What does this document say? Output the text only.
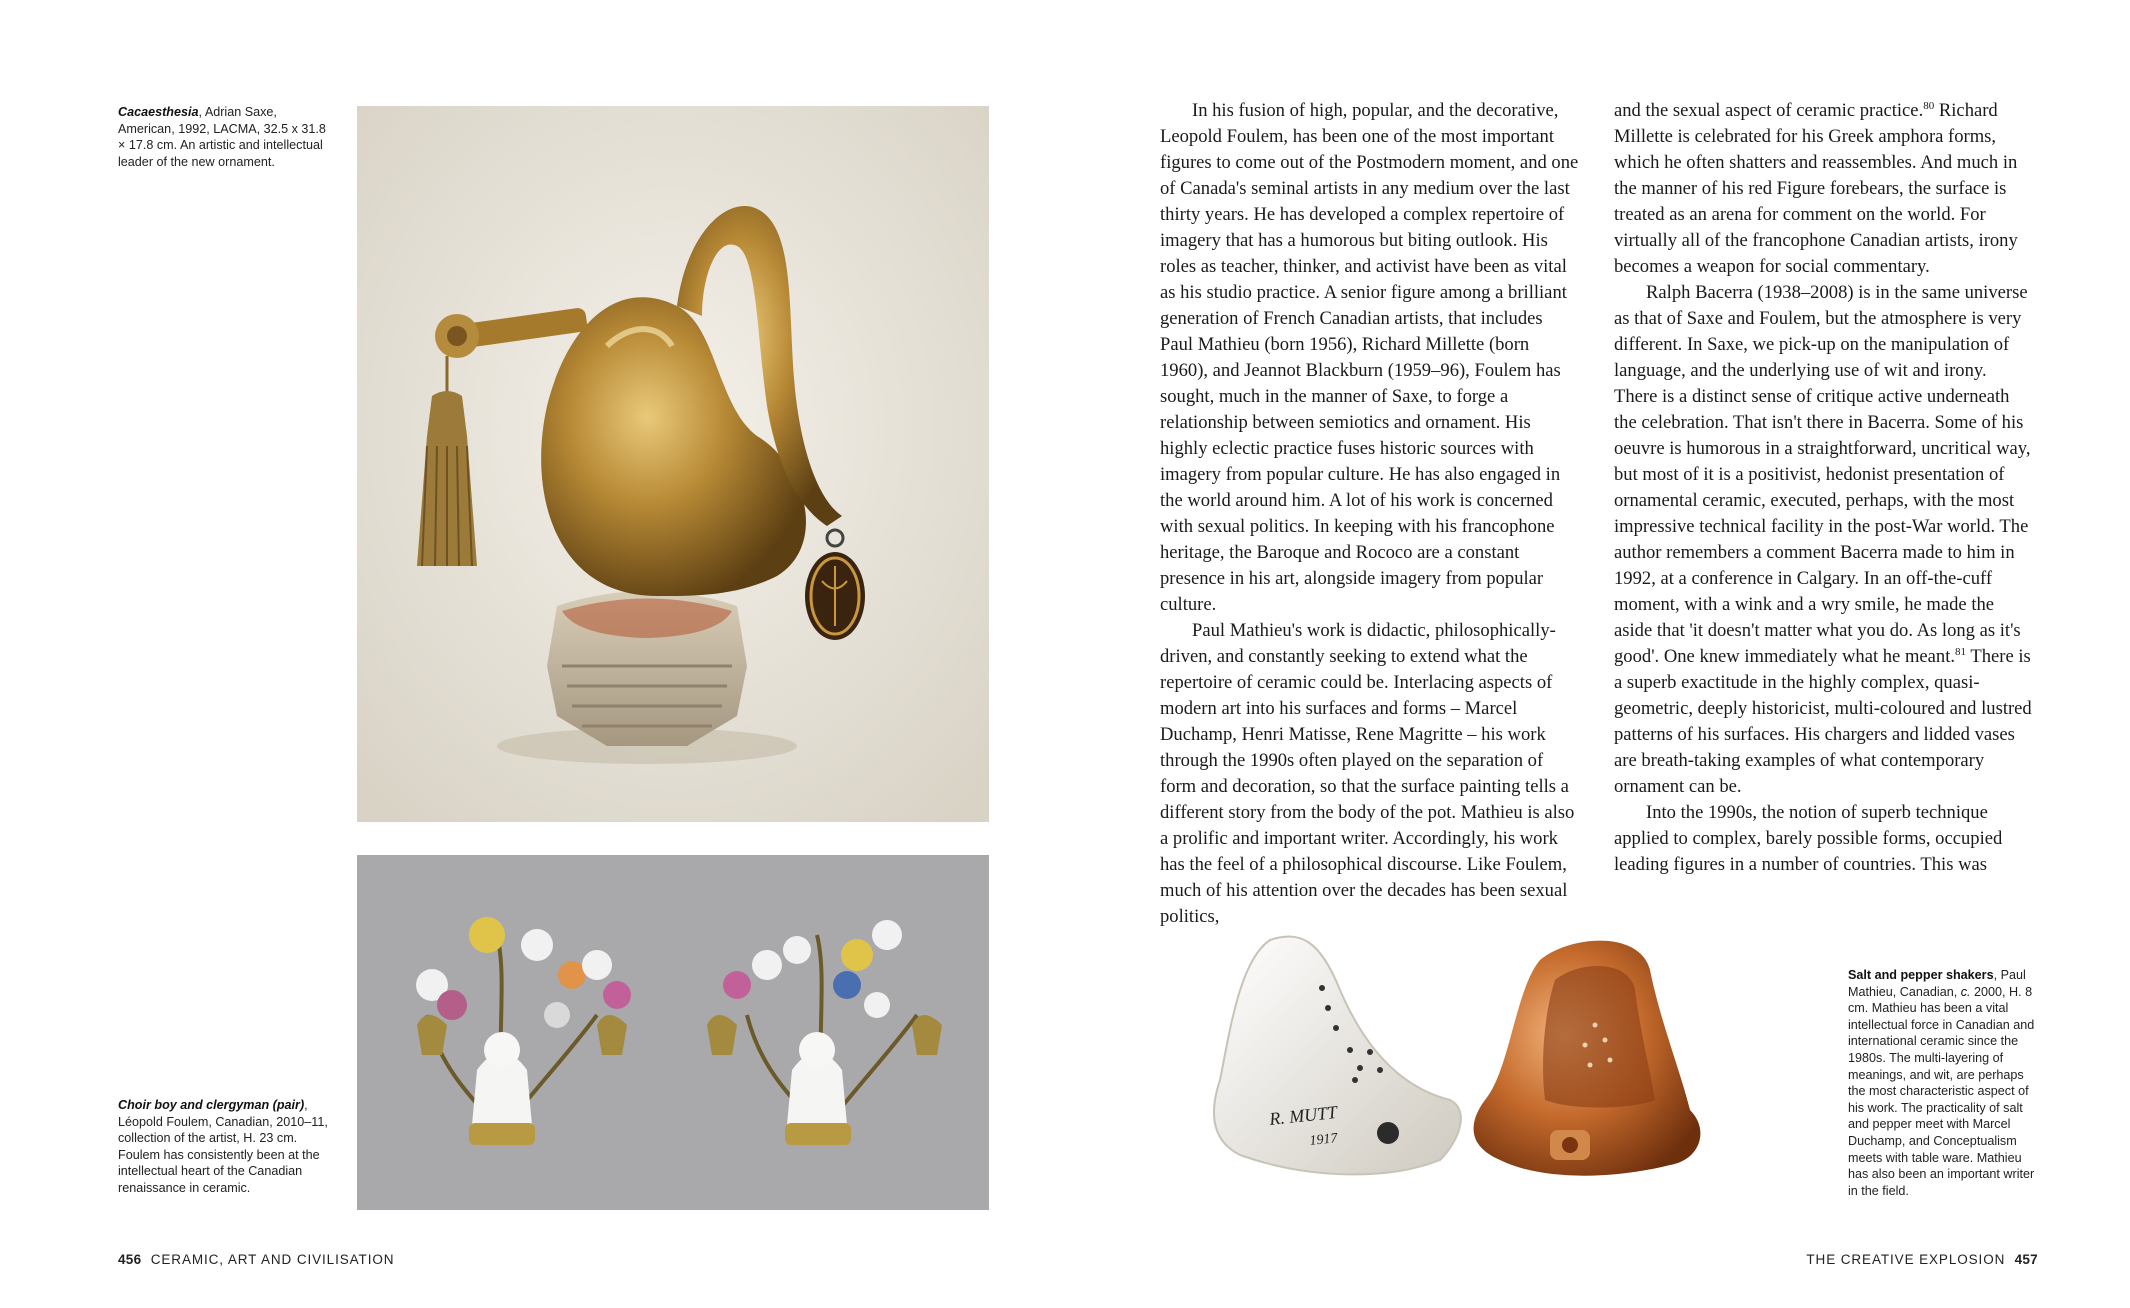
Cacaesthesia, Adrian Saxe, American, 1992, LACMA, 32.5 x 31.8 × 17.8 cm. An artistic and intellectual leader of the new ornament.
Choir boy and clergyman (pair), Léopold Foulem, Canadian, 2010–11, collection of the artist, H. 23 cm. Foulem has consistently been at the intellectual heart of the Canadian renaissance in ceramic.

In his fusion of high, popular, and the decorative, Leopold Foulem, has been one of the most important figures to come out of the Postmodern moment, and one of Canada's seminal artists in any medium over the last thirty years. He has developed a complex repertoire of imagery that has a humorous but biting outlook. His roles as teacher, thinker, and activist have been as vital as his studio practice. A senior figure among a brilliant generation of French Canadian artists, that includes Paul Mathieu (born 1956), Richard Millette (born 1960), and Jeannot Blackburn (1959–96), Foulem has sought, much in the manner of Saxe, to forge a relationship between semiotics and ornament. His highly eclectic practice fuses historic sources with imagery from popular culture. He has also engaged in the world around him. A lot of his work is concerned with sexual politics. In keeping with his francophone heritage, the Baroque and Rococo are a constant presence in his art, alongside imagery from popular culture.

Paul Mathieu's work is didactic, philosophically-driven, and constantly seeking to extend what the repertoire of ceramic could be. Interlacing aspects of modern art into his surfaces and forms – Marcel Duchamp, Henri Matisse, Rene Magritte – his work through the 1990s often played on the separation of form and decoration, so that the surface painting tells a different story from the body of the pot. Mathieu is also a prolific and important writer. Accordingly, his work has the feel of a philosophical discourse. Like Foulem, much of his attention over the decades has been sexual politics,

and the sexual aspect of ceramic practice.$^{80}$ Richard Millette is celebrated for his Greek amphora forms, which he often shatters and reassembles. And much in the manner of his red Figure forebears, the surface is treated as an arena for comment on the world. For virtually all of the francophone Canadian artists, irony becomes a weapon for social commentary.

Ralph Bacerra (1938–2008) is in the same universe as that of Saxe and Foulem, but the atmosphere is very different. In Saxe, we pick-up on the manipulation of language, and the underlying use of wit and irony. There is a distinct sense of critique active underneath the celebration. That isn't there in Bacerra. Some of his oeuvre is humorous in a straightforward, uncritical way, but most of it is a positivist, hedonist presentation of ornamental ceramic, executed, perhaps, with the most impressive technical facility in the post-War world. The author remembers a comment Bacerra made to him in 1992, at a conference in Calgary. In an off-the-cuff moment, with a wink and a wry smile, he made the aside that 'it doesn't matter what you do. As long as it's good'. One knew immediately what he meant.$^{81}$ There is a superb exactitude in the highly complex, quasi-geometric, deeply historicist, multi-coloured and lustred patterns of his surfaces. His chargers and lidded vases are breath-taking examples of what contemporary ornament can be.

Into the 1990s, the notion of superb technique applied to complex, barely possible forms, occupied leading figures in a number of countries. This was

R. MUTT
1917
Salt and pepper shakers, Paul Mathieu, Canadian, c. 2000, H. 8 cm. Mathieu has been a vital intellectual force in Canadian and international ceramic since the 1980s. The multi-layering of meanings, and wit, are perhaps the most characteristic aspect of his work. The practicality of salt and pepper meet with Marcel Duchamp, and Conceptualism meets with table ware. Mathieu has also been an important writer in the field.
456 CERAMIC, ART AND CIVILISATION	THE CREATIVE EXPLOSION 457
